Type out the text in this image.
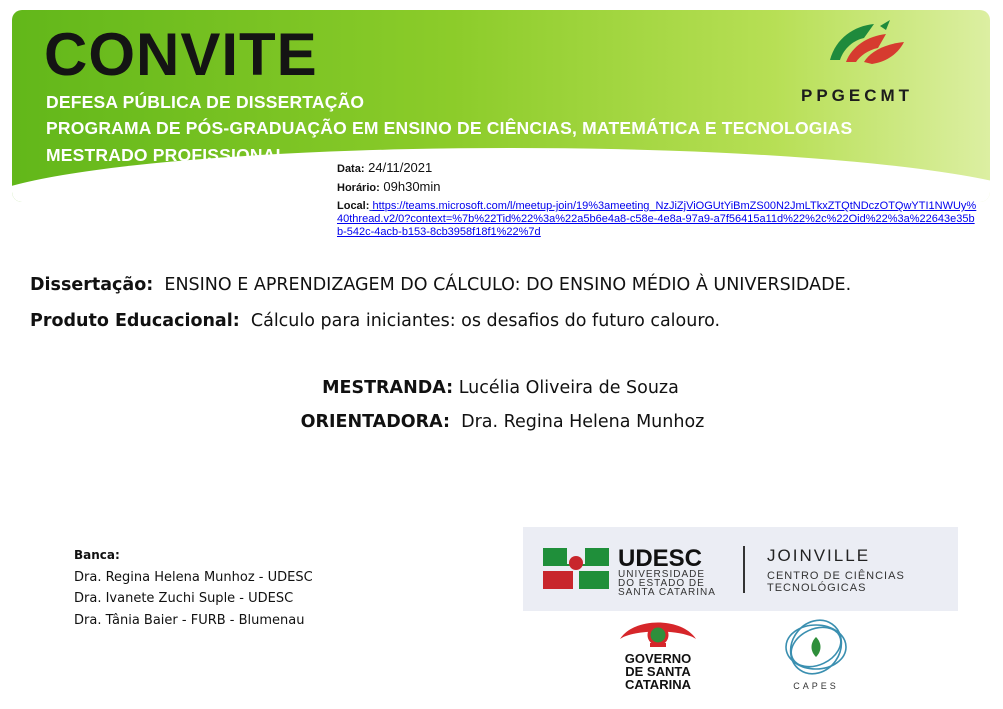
CONVITE

DEFESA PÚBLICA DE DISSERTAÇÃO

PROGRAMA DE PÓS-GRADUAÇÃO EM ENSINO DE CIÊNCIAS, MATEMÁTICA E TECNOLOGIAS

MESTRADO PROFISSIONAL

PPGECMT
Data: 24/11/2021
Horário: 09h30min
Local: https://teams.microsoft.com/l/meetup-join/19%3ameeting_NzJiZjViOGUtYiBmZS00N2JmLTkxZTQtNDczOTQwYTI1NWUy%40thread.v2/0?context=%7b%22Tid%22%3a%22a5b6e4a8-c58e-4e8a-97a9-a7f56415a11d%22%2c%22Oid%22%3a%22643e35bb-542c-4acb-b153-8cb3958f18f1%22%7d
Dissertação: ENSINO E APRENDIZAGEM DO CÁLCULO: DO ENSINO MÉDIO À UNIVERSIDADE.
Produto Educacional: Cálculo para iniciantes: os desafios do futuro calouro.
MESTRANDA: Lucélia Oliveira de Souza
ORIENTADORA: Dra. Regina Helena Munhoz
Banca:
Dra. Regina Helena Munhoz - UDESC
Dra. Ivanete Zuchi Suple - UDESC
Dra. Tânia Baier - FURB - Blumenau
UDESC
UNIVERSIDADE
DO ESTADO DE
SANTA CATARINA
JOINVILLE
CENTRO DE CIÊNCIAS
TECNOLÓGICAS
GOVERNO
DE SANTA
CATARINA	CAPES
